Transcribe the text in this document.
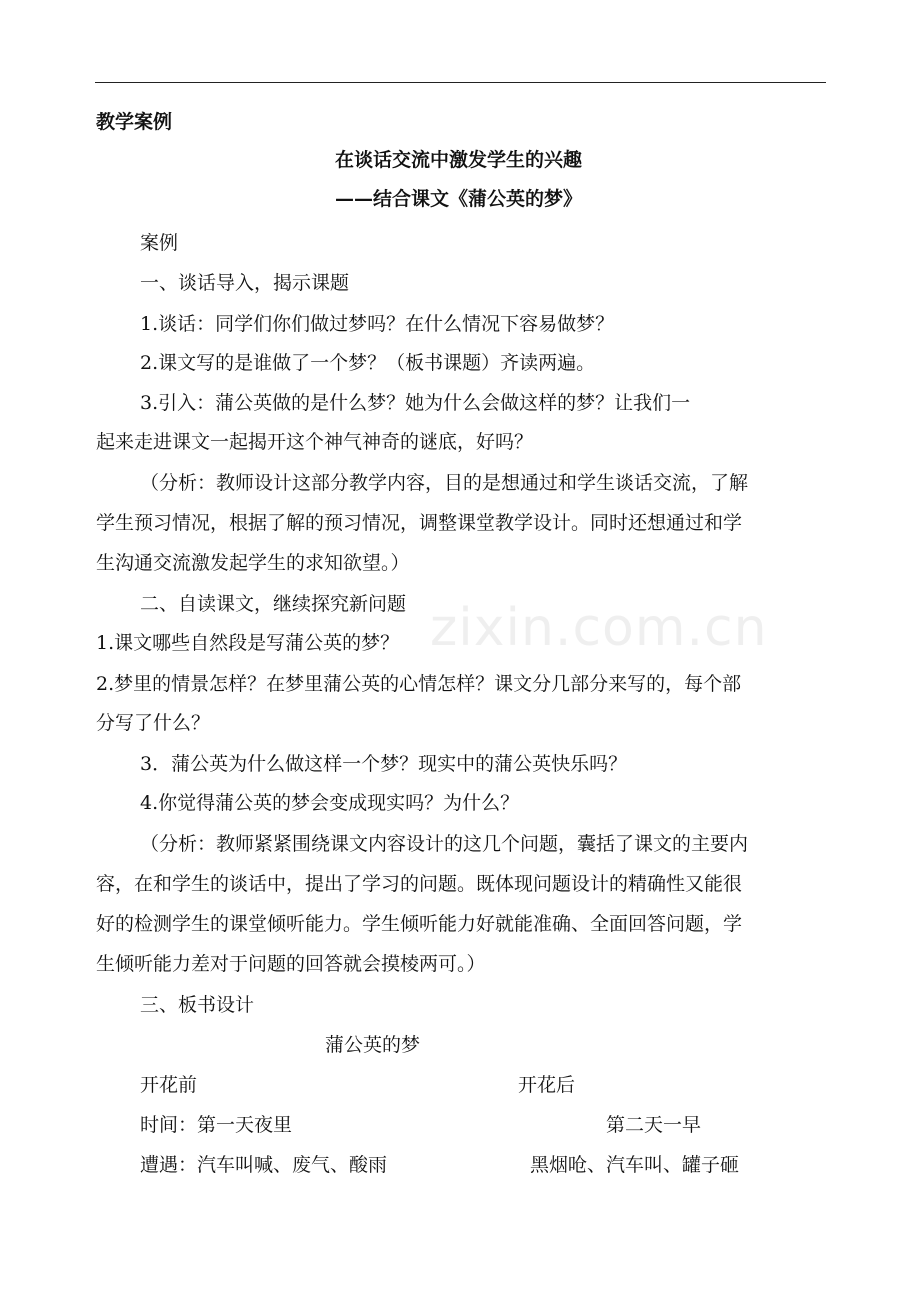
教学案例
在谈话交流中激发学生的兴趣
——结合课文《蒲公英的梦》
案例
一、谈话导入，揭示课题
1.谈话：同学们你们做过梦吗？在什么情况下容易做梦？
2.课文写的是谁做了一个梦？（板书课题）齐读两遍。
3.引入：蒲公英做的是什么梦？她为什么会做这样的梦？让我们一
起来走进课文一起揭开这个神气神奇的谜底，好吗？
（分析：教师设计这部分教学内容，目的是想通过和学生谈话交流，了解
学生预习情况，根据了解的预习情况，调整课堂教学设计。同时还想通过和学
生沟通交流激发起学生的求知欲望。）
二、自读课文，继续探究新问题
1.课文哪些自然段是写蒲公英的梦？
2.梦里的情景怎样？在梦里蒲公英的心情怎样？课文分几部分来写的，每个部
分写了什么？
3．蒲公英为什么做这样一个梦？现实中的蒲公英快乐吗？
4.你觉得蒲公英的梦会变成现实吗？为什么？
（分析：教师紧紧围绕课文内容设计的这几个问题，囊括了课文的主要内
容，在和学生的谈话中，提出了学习的问题。既体现问题设计的精确性又能很
好的检测学生的课堂倾听能力。学生倾听能力好就能准确、全面回答问题，学
生倾听能力差对于问题的回答就会摸棱两可。）
三、板书设计
蒲公英的梦
开花前	开花后
时间：第一天夜里	第二天一早
遭遇：汽车叫喊、废气、酸雨	黑烟呛、汽车叫、罐子砸
zixin.com.cn
